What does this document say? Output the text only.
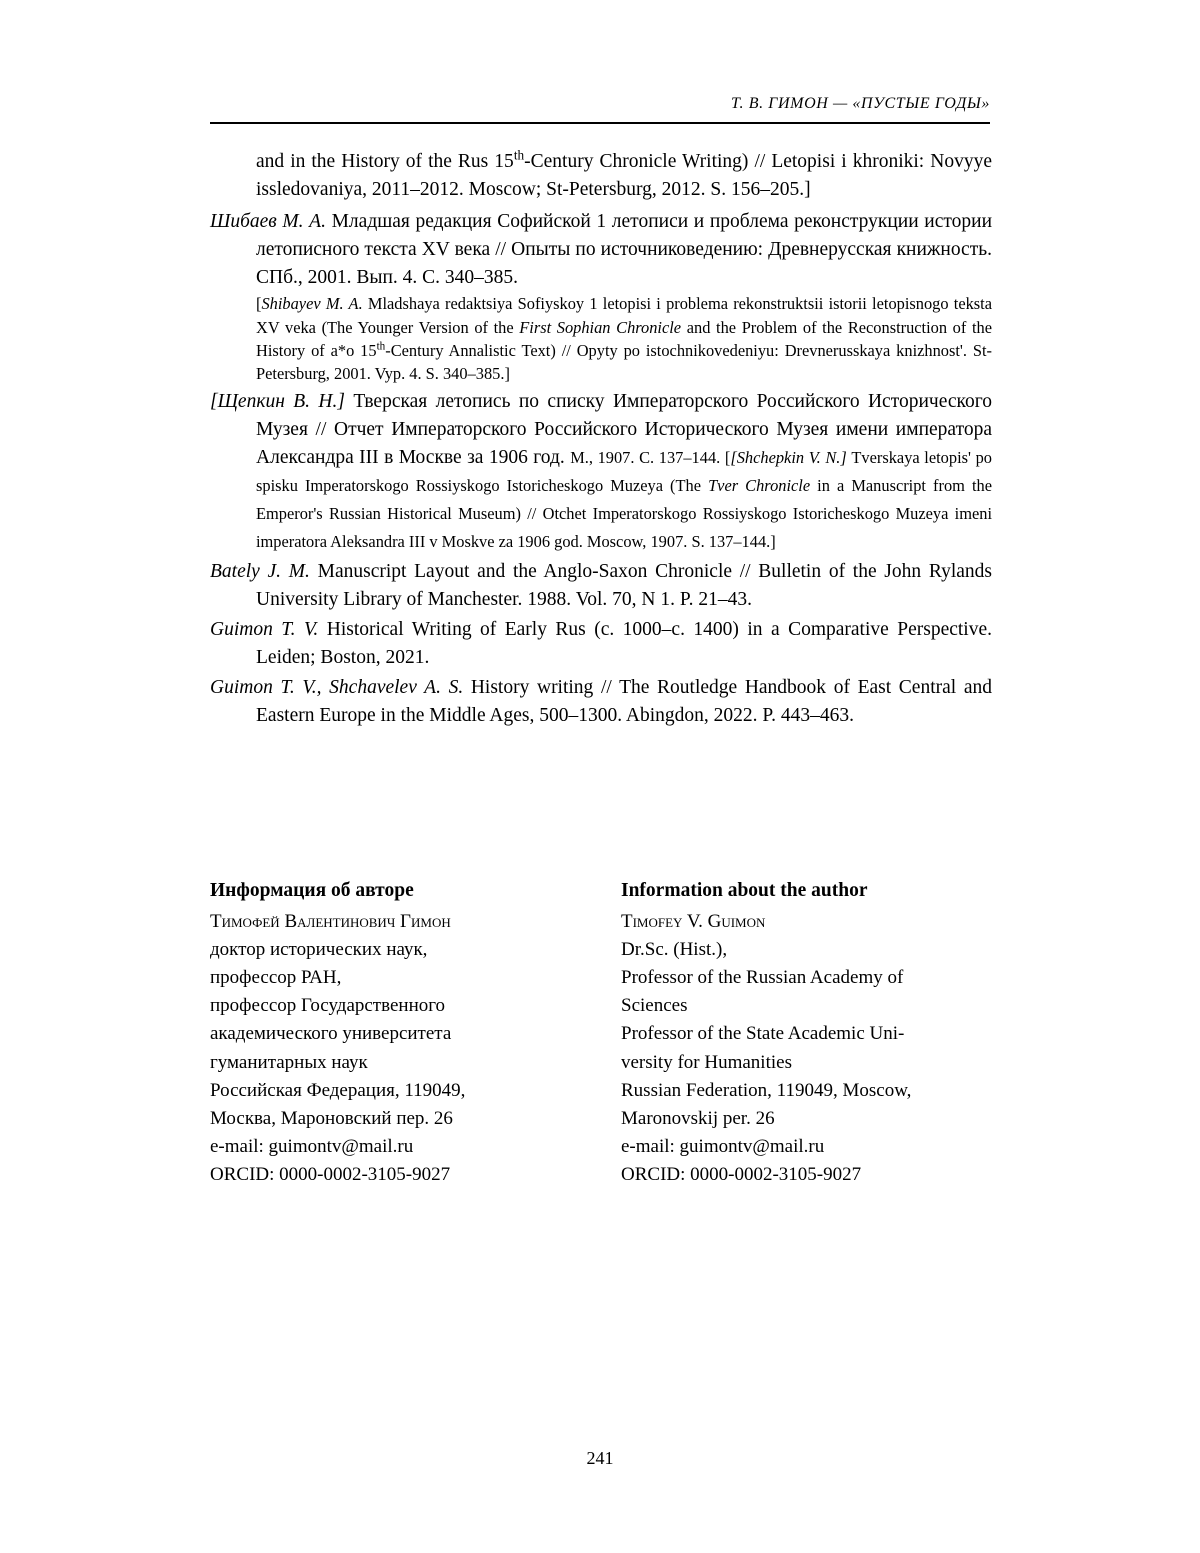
Т. В. ГИМОН — «ПУСТЫЕ ГОДЫ»
and in the History of the Rus 15th-Century Chronicle Writing) // Letopisi i khroniki: Novyye issledovaniya, 2011–2012. Moscow; St-Petersburg, 2012. S. 156–205.]
Шибаев М. А. Младшая редакция Софийской 1 летописи и проблема реконструкции истории летописного текста XV века // Опыты по источниковедению: Древнерусская книжность. СПб., 2001. Вып. 4. С. 340–385.
[Shibayev M. A. Mladshaya redaktsiya Sofiyskoy 1 letopisi i problema rekonstruktsii istorii letopisnogo teksta XV veka (The Younger Version of the First Sophian Chronicle and the Problem of the Reconstruction of the History of a*o 15th-Century Annalistic Text) // Opyty po istochnikovedeniyu: Drevnerusskaya knizhnost'. St-Petersburg, 2001. Vyp. 4. S. 340–385.]
[Щепкин В. Н.] Тверская летопись по списку Императорского Российского Исторического Музея // Отчет Императорского Российского Исторического Музея имени императора Александра III в Москве за 1906 год. М., 1907. С. 137–144. [[Shchepkin V. N.] Tverskaya letopis' po spisku Imperatorskogo Rossiyskogo Istoricheskogo Muzeya (The Tver Chronicle in a Manuscript from the Emperor's Russian Historical Museum) // Otchet Imperatorskogo Rossiyskogo Istoricheskogo Muzeya imeni imperatora Aleksandra III v Moskve za 1906 god. Moscow, 1907. S. 137–144.]
Bately J. M. Manuscript Layout and the Anglo-Saxon Chronicle // Bulletin of the John Rylands University Library of Manchester. 1988. Vol. 70, N 1. P. 21–43.
Guimon T. V. Historical Writing of Early Rus (c. 1000–c. 1400) in a Comparative Perspective. Leiden; Boston, 2021.
Guimon T. V., Shchavelev A. S. History writing // The Routledge Handbook of East Central and Eastern Europe in the Middle Ages, 500–1300. Abingdon, 2022. P. 443–463.
Информация об авторе

Тимофей Валентинович Гимон

доктор исторических наук,

профессор РАН,

профессор Государственного

академического университета

гуманитарных наук

Российская Федерация, 119049,

Москва, Мароновский пер. 26

e-mail: guimontv@mail.ru

ORCID: 0000-0002-3105-9027

Information about the author

Timofey V. Guimon

Dr.Sc. (Hist.),

Professor of the Russian Academy of

Sciences

Professor of the State Academic Uni-

versity for Humanities

Russian Federation, 119049, Moscow,

Maronovskij per. 26

e-mail: guimontv@mail.ru

ORCID: 0000-0002-3105-9027

241
